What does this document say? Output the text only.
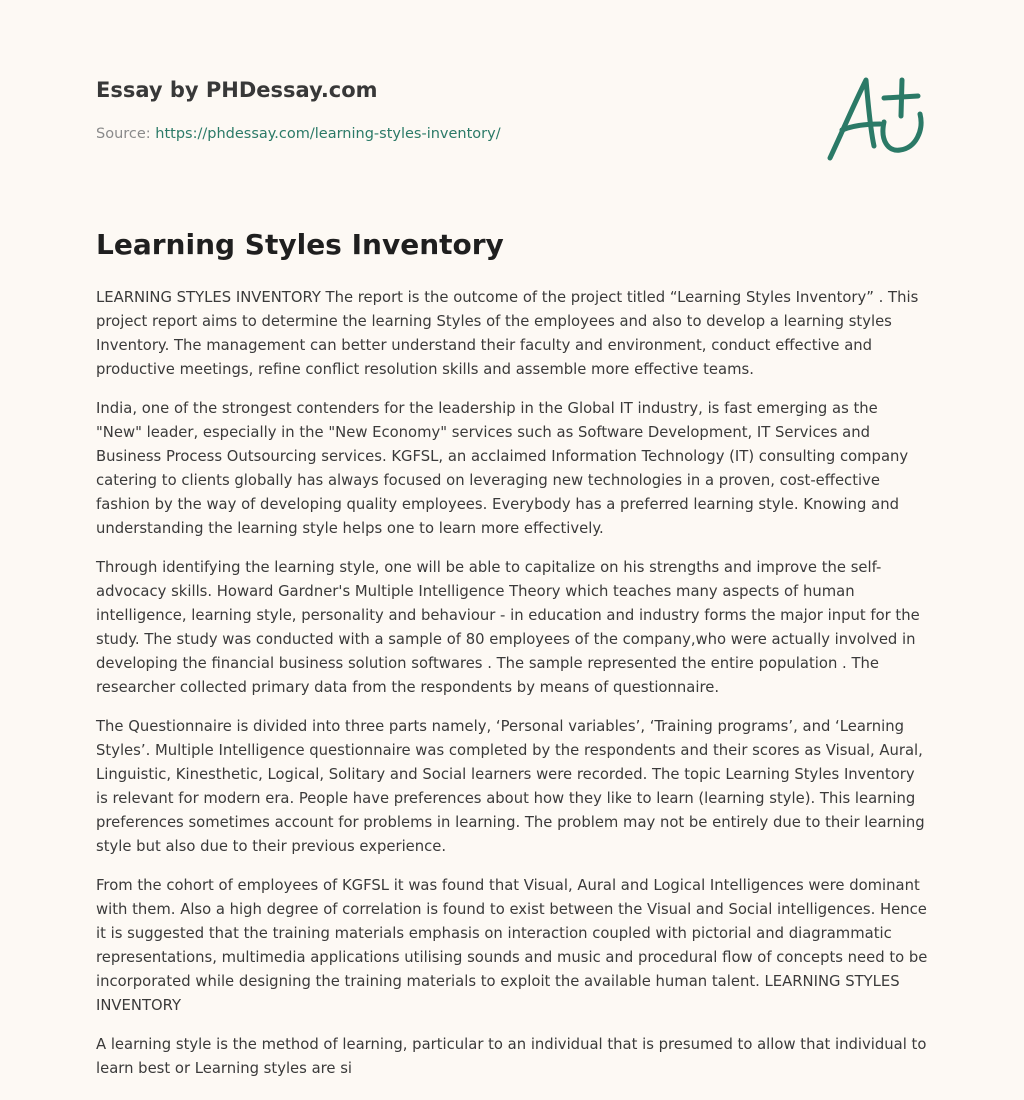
Essay by PHDessay.com
Source: https://phdessay.com/learning-styles-inventory/
Learning Styles Inventory

LEARNING STYLES INVENTORY The report is the outcome of the project titled “Learning Styles Inventory” . This project report aims to determine the learning Styles of the employees and also to develop a learning styles Inventory. The management can better understand their faculty and environment, conduct effective and productive meetings, refine conflict resolution skills and assemble more effective teams.

India, one of the strongest contenders for the leadership in the Global IT industry, is fast emerging as the "New" leader, especially in the "New Economy" services such as Software Development, IT Services and Business Process Outsourcing services. KGFSL, an acclaimed Information Technology (IT) consulting company catering to clients globally has always focused on leveraging new technologies in a proven, cost-effective fashion by the way of developing quality employees. Everybody has a preferred learning style. Knowing and understanding the learning style helps one to learn more effectively.

Through identifying the learning style, one will be able to capitalize on his strengths and improve the self-advocacy skills. Howard Gardner's Multiple Intelligence Theory which teaches many aspects of human intelligence, learning style, personality and behaviour - in education and industry forms the major input for the study. The study was conducted with a sample of 80 employees of the company,who were actually involved in developing the financial business solution softwares . The sample represented the entire population . The researcher collected primary data from the respondents by means of questionnaire.

The Questionnaire is divided into three parts namely, ‘Personal variables’, ‘Training programs’, and ‘Learning Styles’. Multiple Intelligence questionnaire was completed by the respondents and their scores as Visual, Aural, Linguistic, Kinesthetic, Logical, Solitary and Social learners were recorded. The topic Learning Styles Inventory is relevant for modern era. People have preferences about how they like to learn (learning style). This learning preferences sometimes account for problems in learning. The problem may not be entirely due to their learning style but also due to their previous experience.

From the cohort of employees of KGFSL it was found that Visual, Aural and Logical Intelligences were dominant with them. Also a high degree of correlation is found to exist between the Visual and Social intelligences. Hence it is suggested that the training materials emphasis on interaction coupled with pictorial and diagrammatic representations, multimedia applications utilising sounds and music and procedural flow of concepts need to be incorporated while designing the training materials to exploit the available human talent. LEARNING STYLES INVENTORY

A learning style is the method of learning, particular to an individual that is presumed to allow that individual to learn best or Learning styles are si
